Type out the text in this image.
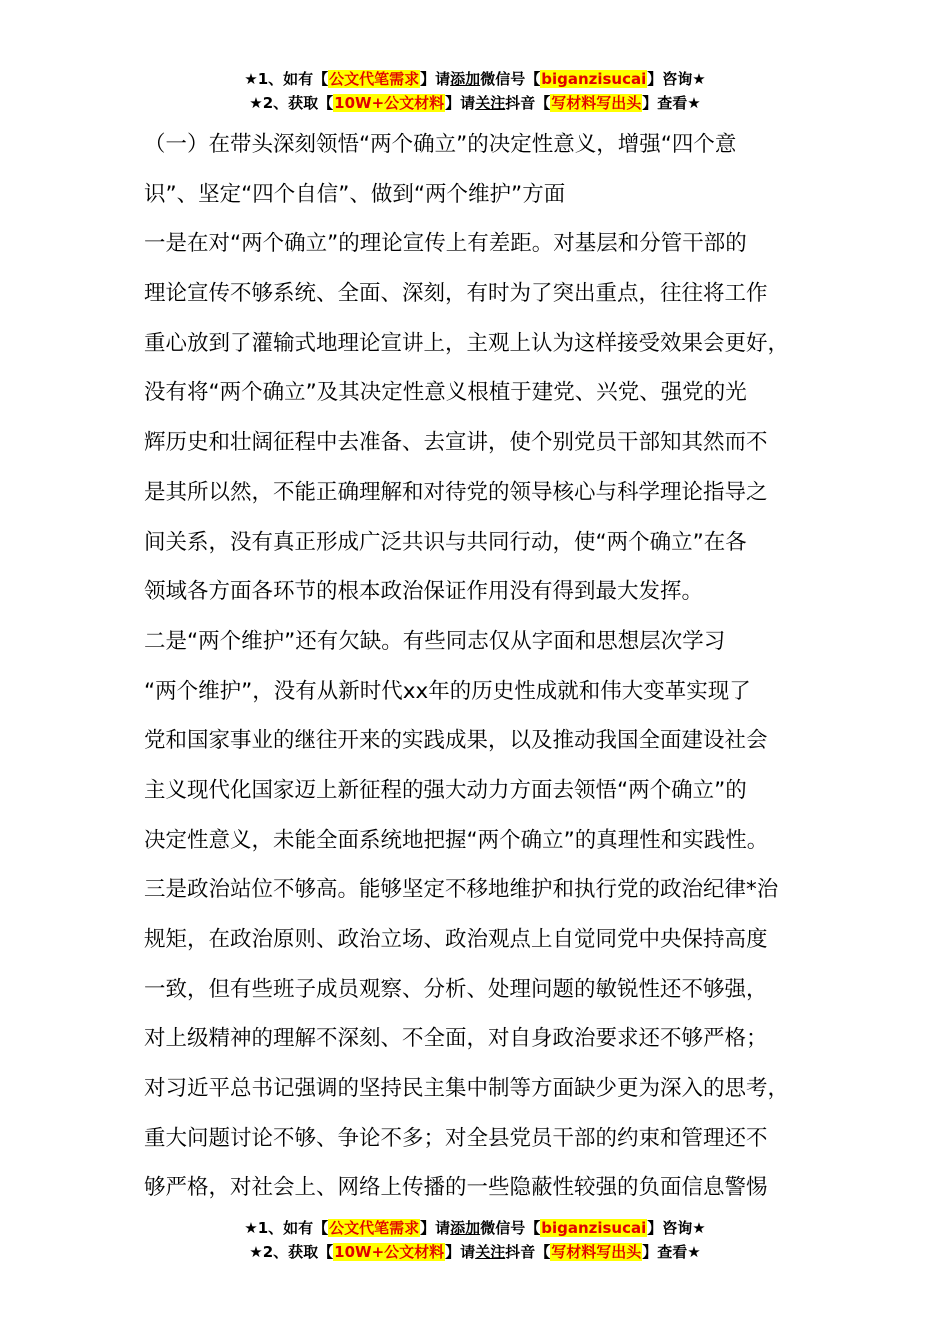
★1、如有【公文代笔需求】请添加微信号【biganzisucai】咨询★
★2、获取【10W+公文材料】请关注抖音【写材料写出头】查看★
（一）在带头深刻领悟“两个确立”的决定性意义，增强“四个意
识”、坚定“四个自信”、做到“两个维护”方面
一是在对“两个确立”的理论宣传上有差距。对基层和分管干部的
理论宣传不够系统、全面、深刻，有时为了突出重点，往往将工作
重心放到了灌输式地理论宣讲上，主观上认为这样接受效果会更好，
没有将“两个确立”及其决定性意义根植于建党、兴党、强党的光
辉历史和壮阔征程中去准备、去宣讲，使个别党员干部知其然而不
是其所以然，不能正确理解和对待党的领导核心与科学理论指导之
间关系，没有真正形成广泛共识与共同行动，使“两个确立”在各
领域各方面各环节的根本政治保证作用没有得到最大发挥。
二是“两个维护”还有欠缺。有些同志仅从字面和思想层次学习
“两个维护”，没有从新时代xx年的历史性成就和伟大变革实现了
党和国家事业的继往开来的实践成果，以及推动我国全面建设社会
主义现代化国家迈上新征程的强大动力方面去领悟“两个确立”的
决定性意义，未能全面系统地把握“两个确立”的真理性和实践性。
三是政治站位不够高。能够坚定不移地维护和执行党的政治纪律*治
规矩，在政治原则、政治立场、政治观点上自觉同党中央保持高度
一致，但有些班子成员观察、分析、处理问题的敏锐性还不够强，
对上级精神的理解不深刻、不全面，对自身政治要求还不够严格；
对习近平总书记强调的坚持民主集中制等方面缺少更为深入的思考，
重大问题讨论不够、争论不多；对全县党员干部的约束和管理还不
够严格，对社会上、网络上传播的一些隐蔽性较强的负面信息警惕
★1、如有【公文代笔需求】请添加微信号【biganzisucai】咨询★
★2、获取【10W+公文材料】请关注抖音【写材料写出头】查看★
